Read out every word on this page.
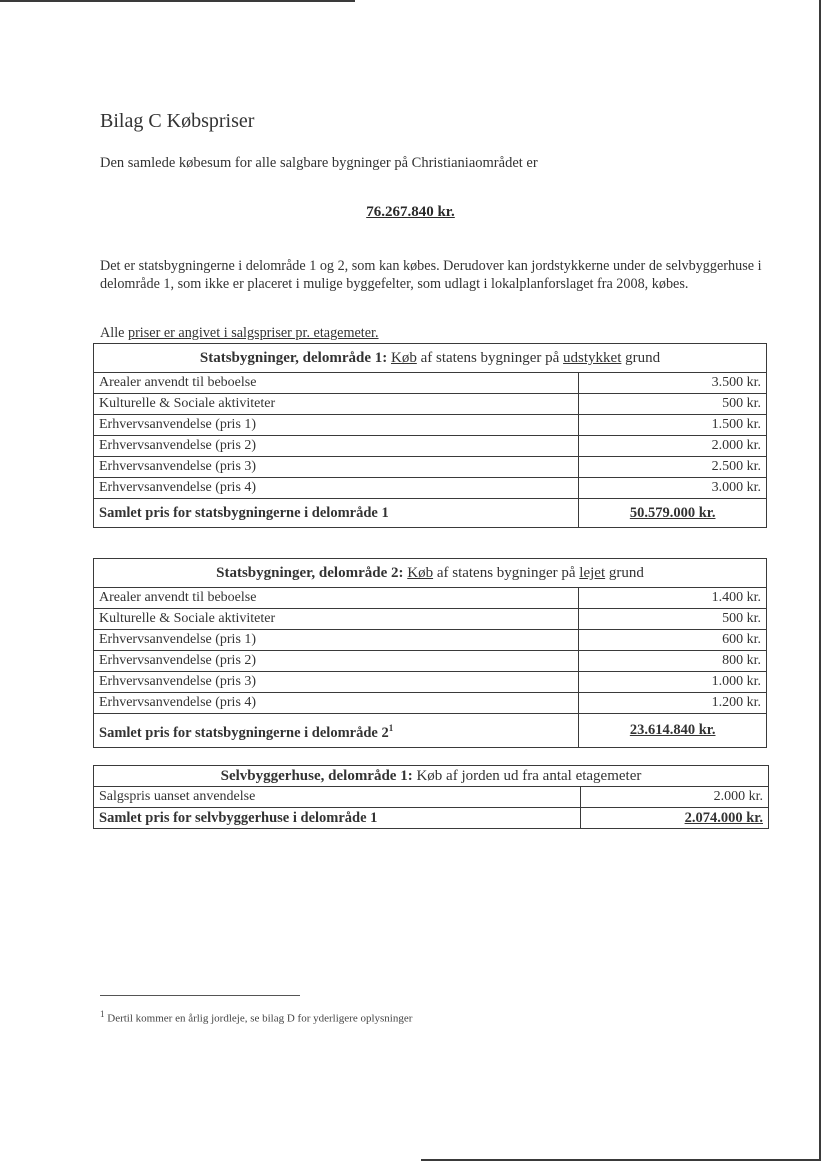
Bilag C Købspriser
Den samlede købesum for alle salgbare bygninger på Christianiaområdet er
76.267.840 kr.
Det er statsbygningerne i delområde 1 og 2, som kan købes. Derudover kan jordstykkerne under de selvbyggerhuse i delområde 1, som ikke er placeret i mulige byggefelter, som udlagt i lokalplanforslaget fra 2008, købes.
Alle priser er angivet i salgspriser pr. etagemeter.
Statsbygninger, delområde 1: Køb af statens bygninger på udstykket grund	
Arealer anvendt til beboelse	3.500 kr.
Kulturelle & Sociale aktiviteter	500 kr.
Erhvervsanvendelse (pris 1)	1.500 kr.
Erhvervsanvendelse (pris 2)	2.000 kr.
Erhvervsanvendelse (pris 3)	2.500 kr.
Erhvervsanvendelse (pris 4)	3.000 kr.
Samlet pris for statsbygningerne i delområde 1	50.579.000 kr.
Statsbygninger, delområde 2: Køb af statens bygninger på lejet grund	
Arealer anvendt til beboelse	1.400 kr.
Kulturelle & Sociale aktiviteter	500 kr.
Erhvervsanvendelse (pris 1)	600 kr.
Erhvervsanvendelse (pris 2)	800 kr.
Erhvervsanvendelse (pris 3)	1.000 kr.
Erhvervsanvendelse (pris 4)	1.200 kr.
Samlet pris for statsbygningerne i delområde $2^1$	23.614.840 kr.
Selvbyggerhuse, delområde 1: Køb af jorden ud fra antal etagemeter	
Salgspris uanset anvendelse	2.000 kr.
Samlet pris for selvbyggerhuse i delområde 1	2.074.000 kr.
$^1$ Dertil kommer en årlig jordleje, se bilag D for yderligere oplysninger
